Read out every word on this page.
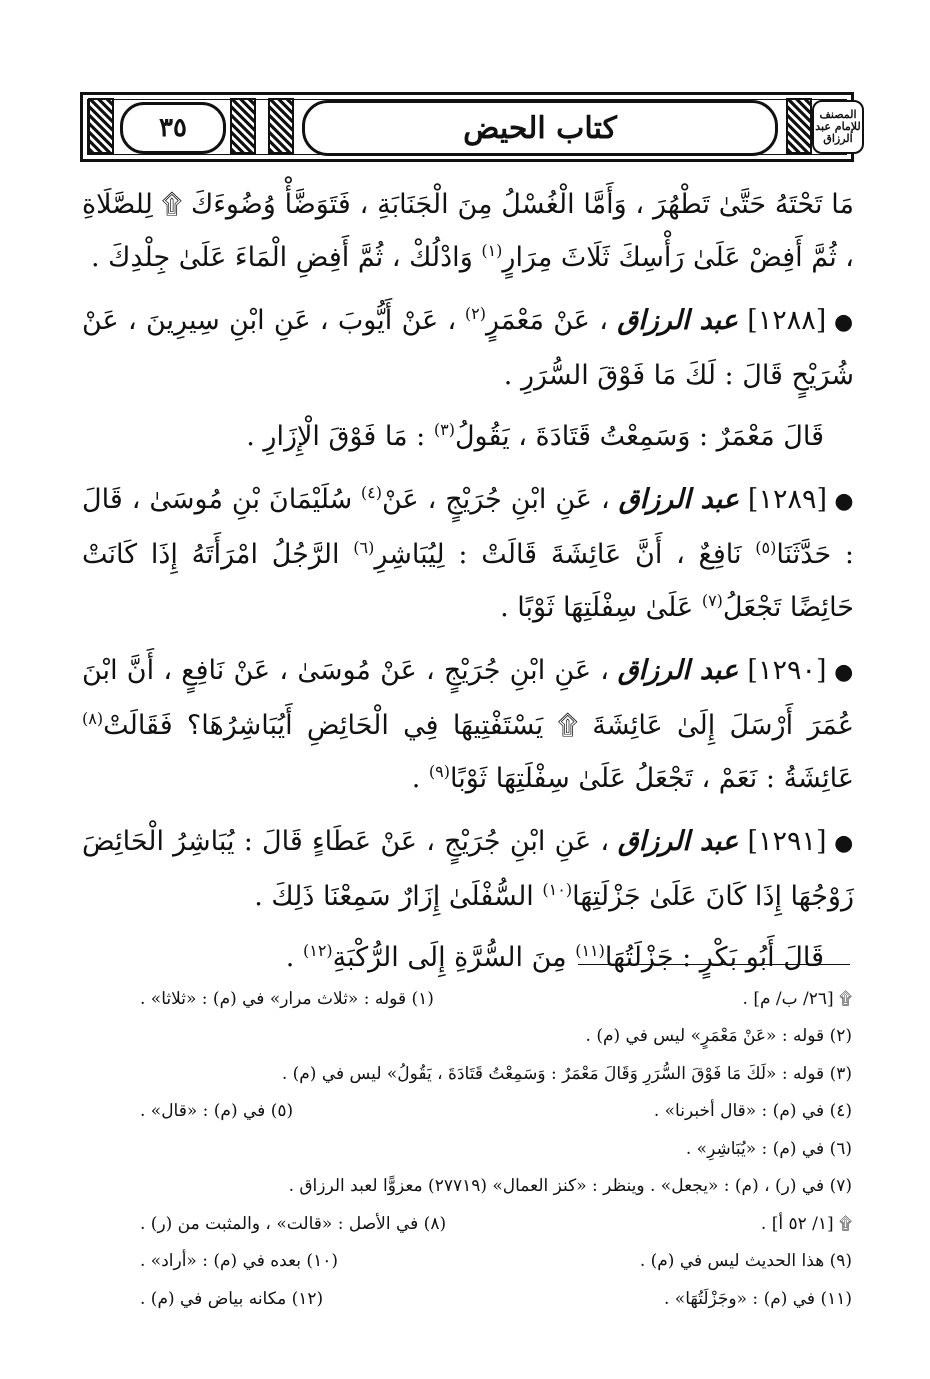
٣٥	كتاب الحيض	المصنف للإمام عبد الرزاق

مَا تَحْتَهُ حَتَّىٰ تَطْهُرَ ، وَأَمَّا الْغُسْلُ مِنَ الْجَنَابَةِ ، فَتَوَضَّأْ وُضُوءَكَ ۩ لِلصَّلَاةِ ، ثُمَّ أَفِضْ عَلَىٰ رَأْسِكَ ثَلَاثَ مِرَارٍ$^{(١)}$ وَادْلُكْ ، ثُمَّ أَفِضِ الْمَاءَ عَلَىٰ جِلْدِكَ .

● [١٢٨٨] عبد الرزاق ، عَنْ مَعْمَرٍ$^{(٢)}$ ، عَنْ أَيُّوبَ ، عَنِ ابْنِ سِيرِينَ ، عَنْ شُرَيْحٍ قَالَ : لَكَ مَا فَوْقَ السُّرَرِ .

قَالَ مَعْمَرٌ : وَسَمِعْتُ قَتَادَةَ ، يَقُولُ$^{(٣)}$ : مَا فَوْقَ الْإِزَارِ .

● [١٢٨٩] عبد الرزاق ، عَنِ ابْنِ جُرَيْجٍ ، عَنْ$^{(٤)}$ سُلَيْمَانَ بْنِ مُوسَىٰ ، قَالَ : حَدَّثَنَا$^{(٥)}$ نَافِعٌ ، أَنَّ عَائِشَةَ قَالَتْ : لِيُبَاشِرِ$^{(٦)}$ الرَّجُلُ امْرَأَتَهُ إِذَا كَانَتْ حَائِضًا تَجْعَلُ$^{(٧)}$ عَلَىٰ سِفْلَتِهَا ثَوْبًا .

● [١٢٩٠] عبد الرزاق ، عَنِ ابْنِ جُرَيْجٍ ، عَنْ مُوسَىٰ ، عَنْ نَافِعٍ ، أَنَّ ابْنَ عُمَرَ أَرْسَلَ إِلَىٰ عَائِشَةَ ۩ يَسْتَفْتِيهَا فِي الْحَائِضِ أَيُبَاشِرُهَا؟ فَقَالَتْ$^{(٨)}$ عَائِشَةُ : نَعَمْ ، تَجْعَلُ عَلَىٰ سِفْلَتِهَا ثَوْبًا$^{(٩)}$ .

● [١٢٩١] عبد الرزاق ، عَنِ ابْنِ جُرَيْجٍ ، عَنْ عَطَاءٍ قَالَ : يُبَاشِرُ الْحَائِضَ زَوْجُهَا إِذَا كَانَ عَلَىٰ جَزْلَتِهَا$^{(١٠)}$ السُّفْلَىٰ إِزَارٌ سَمِعْنَا ذَلِكَ .

قَالَ أَبُو بَكْرٍ : جَزْلَتُهَا$^{(١١)}$ مِنَ السُّرَّةِ إِلَى الرُّكْبَةِ$^{(١٢)}$ .

۩ [٢٦/ ب/ م] .
(١) قوله : «ثلاث مرار» في (م) : «ثلاثا» .
(٢) قوله : «عَنْ مَعْمَرٍ» ليس في (م) .
(٣) قوله : «لَكَ مَا فَوْقَ السُّرَرِ وَقَالَ مَعْمَرٌ : وَسَمِعْتُ قَتَادَةَ ، يَقُولُ» ليس في (م) .
(٤) في (م) : «قال أخبرنا» .
(٥) في (م) : «قال» .
(٦) في (م) : «يُبَاشِرِ» .
(٧) في (ر) ، (م) : «يجعل» . وينظر : «كنز العمال» (٢٧٧١٩) معزوًّا لعبد الرزاق .
۩ [١/ ٥٢ أ] .
(٨) في الأصل : «قالت» ، والمثبت من (ر) .
(٩) هذا الحديث ليس في (م) .
(١٠) بعده في (م) : «أراد» .
(١١) في (م) : «وجَزْلَتُهَا» .
(١٢) مكانه بياض في (م) .
